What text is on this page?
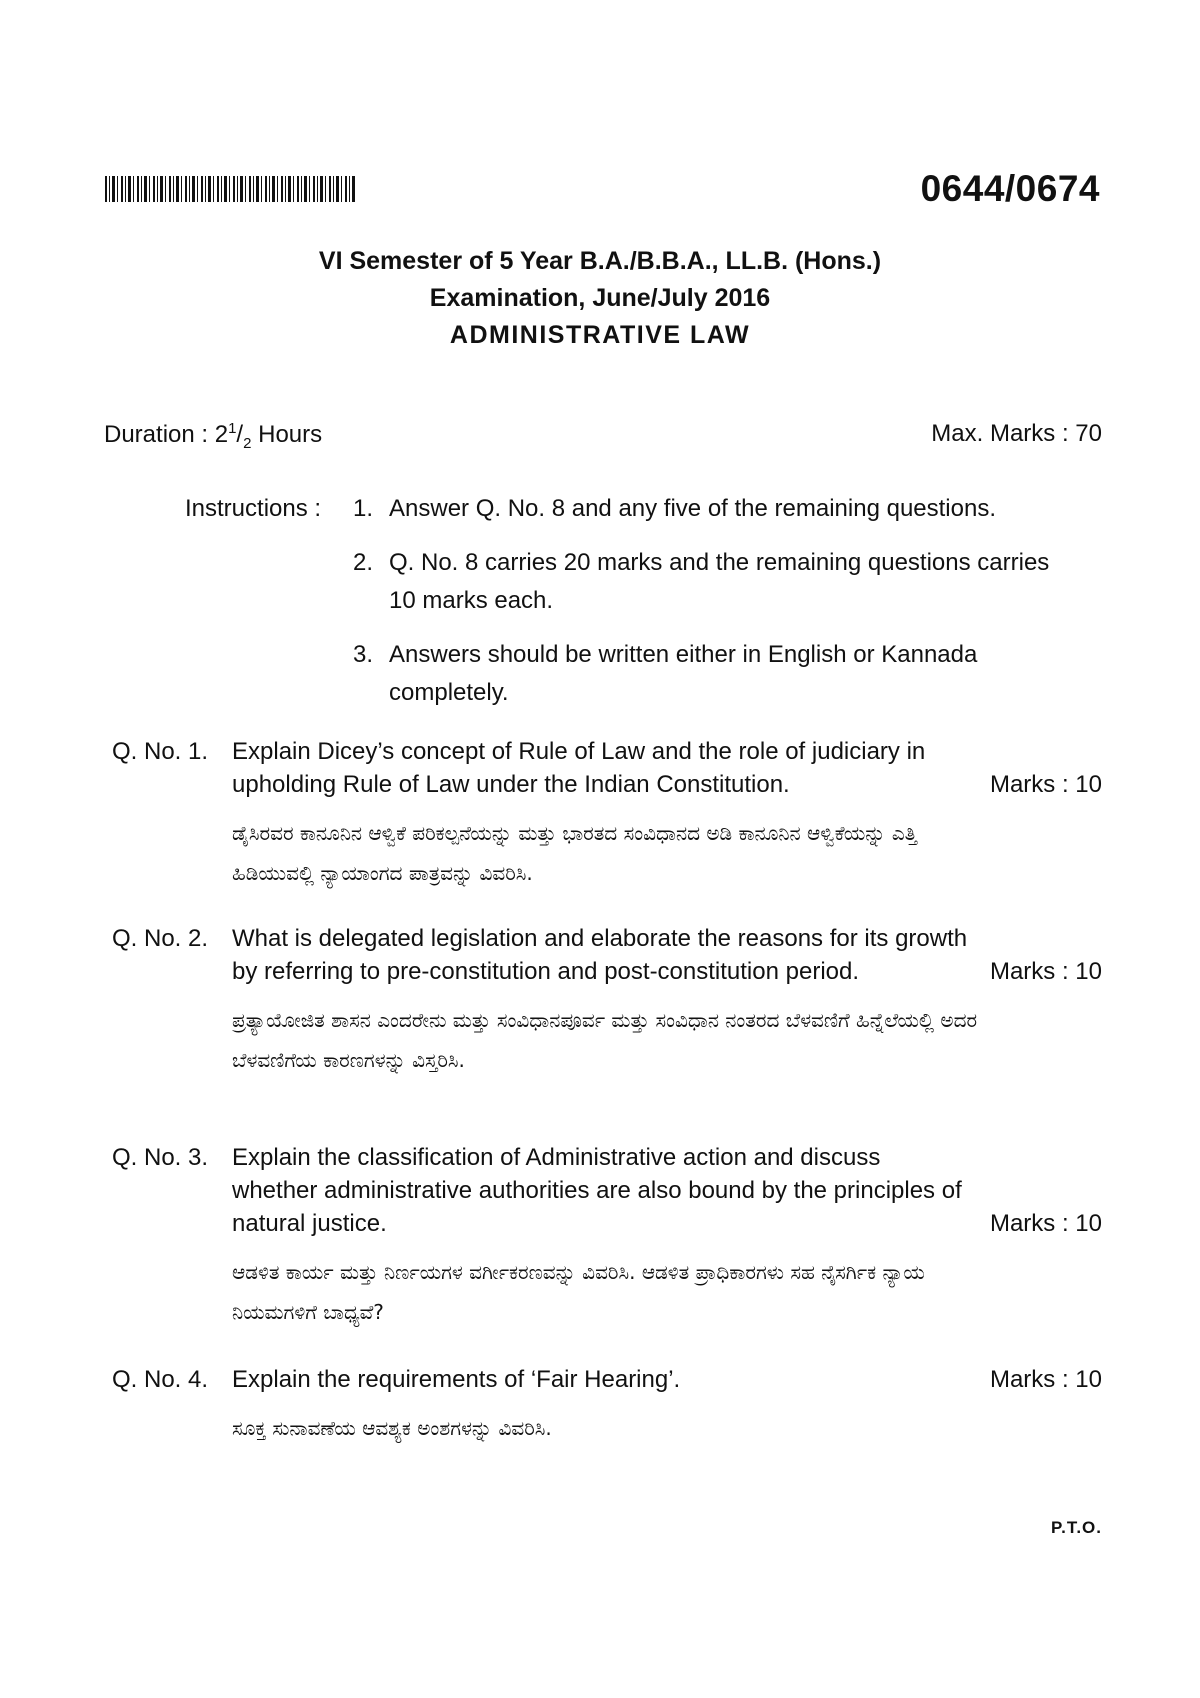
0644/0674
VI Semester of 5 Year B.A./B.B.A., LL.B. (Hons.)
Examination, June/July 2016
ADMINISTRATIVE LAW
Duration : $2^1/_2$ Hours	Max. Marks : 70
Instructions :	1. Answer Q. No. 8 and any five of the remaining questions.
2. Q. No. 8 carries 20 marks and the remaining questions carries 10 marks each.
3. Answers should be written either in English or Kannada completely.
Q. No. 1. Explain Dicey’s concept of Rule of Law and the role of judiciary in upholding Rule of Law under the Indian Constitution.	Marks : 10
ಡೈಸಿರವರ ಕಾನೂನಿನ ಆಳ್ವಿಕೆ ಪರಿಕಲ್ಪನೆಯನ್ನು ಮತ್ತು ಭಾರತದ ಸಂವಿಧಾನದ ಅಡಿ ಕಾನೂನಿನ ಆಳ್ವಿಕೆಯನ್ನು ಎತ್ತಿ ಹಿಡಿಯುವಲ್ಲಿ ನ್ಯಾಯಾಂಗದ ಪಾತ್ರವನ್ನು ವಿವರಿಸಿ.
Q. No. 2. What is delegated legislation and elaborate the reasons for its growth by referring to pre-constitution and post-constitution period.	Marks : 10
ಪ್ರತ್ಯಾಯೋಜಿತ ಶಾಸನ ಎಂದರೇನು ಮತ್ತು ಸಂವಿಧಾನಪೂರ್ವ ಮತ್ತು ಸಂವಿಧಾನ ನಂತರದ ಬೆಳವಣಿಗೆ ಹಿನ್ನೆಲೆಯಲ್ಲಿ ಅದರ ಬೆಳವಣಿಗೆಯ ಕಾರಣಗಳನ್ನು ವಿಸ್ತರಿಸಿ.
Q. No. 3. Explain the classification of Administrative action and discuss whether administrative authorities are also bound by the principles of natural justice.	Marks : 10
ಆಡಳಿತ ಕಾರ್ಯ ಮತ್ತು ನಿರ್ಣಯಗಳ ವರ್ಗೀಕರಣವನ್ನು ವಿವರಿಸಿ. ಆಡಳಿತ ಪ್ರಾಧಿಕಾರಗಳು ಸಹ ನೈಸರ್ಗಿಕ ನ್ಯಾಯ ನಿಯಮಗಳಿಗೆ ಬಾಧ್ಯವೆ?
Q. No. 4. Explain the requirements of ‘Fair Hearing’.	Marks : 10
ಸೂಕ್ತ ಸುನಾವಣೆಯ ಆವಶ್ಯಕ ಅಂಶಗಳನ್ನು ವಿವರಿಸಿ.
P.T.O.
